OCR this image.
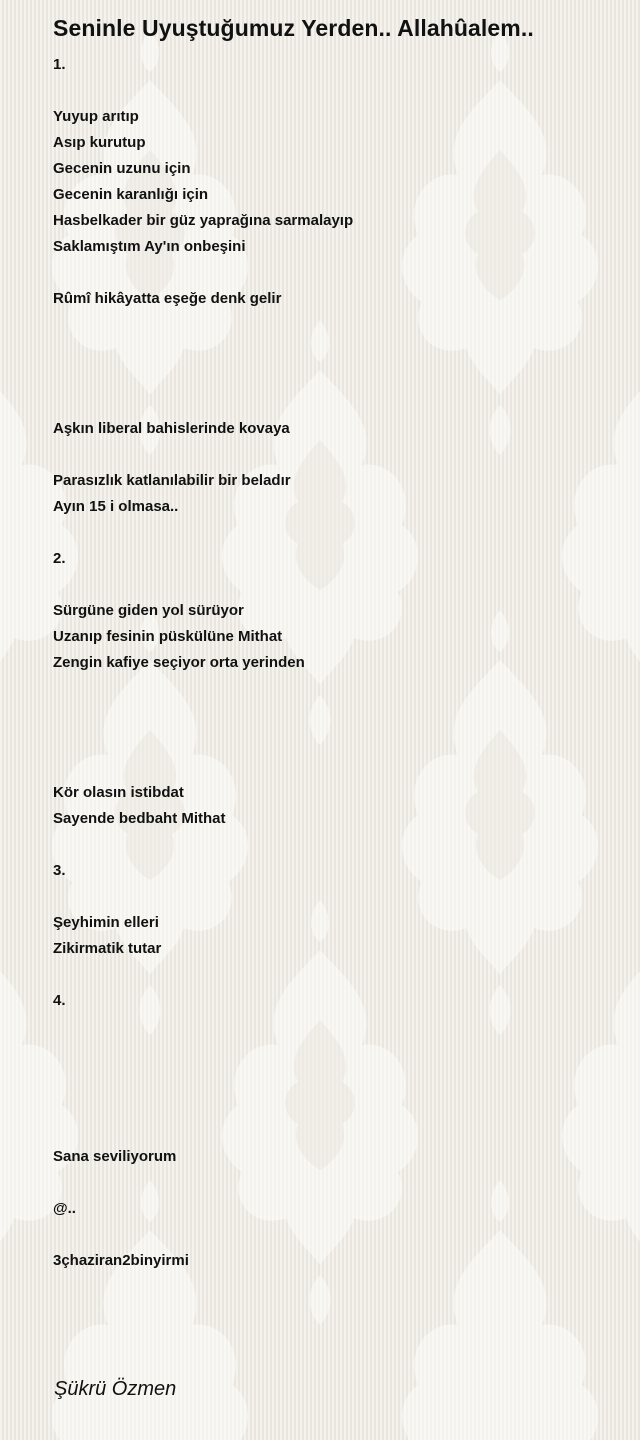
Seninle Uyuştuğumuz Yerden.. Allahûalem..
1.
Yuyup arıtıp
Asıp kurutup
Gecenin uzunu için
Gecenin karanlığı için
Hasbelkader bir güz yaprağına sarmalayıp
Saklamıştım Ay'ın onbeşini
Rûmî hikâyatta eşeğe denk gelir
Aşkın liberal bahislerinde kovaya
Parasızlık katlanılabilir bir beladır
Ayın 15 i olmasa..
2.
Sürgüne giden yol sürüyor
Uzanıp fesinin püskülüne Mithat
Zengin kafiye seçiyor orta yerinden
Kör olasın istibdat
Sayende bedbaht Mithat
3.
Şeyhimin elleri
Zikirmatik tutar
4.
Sana seviliyorum
@..
3çhaziran2binyirmi
Şükrü Özmen
